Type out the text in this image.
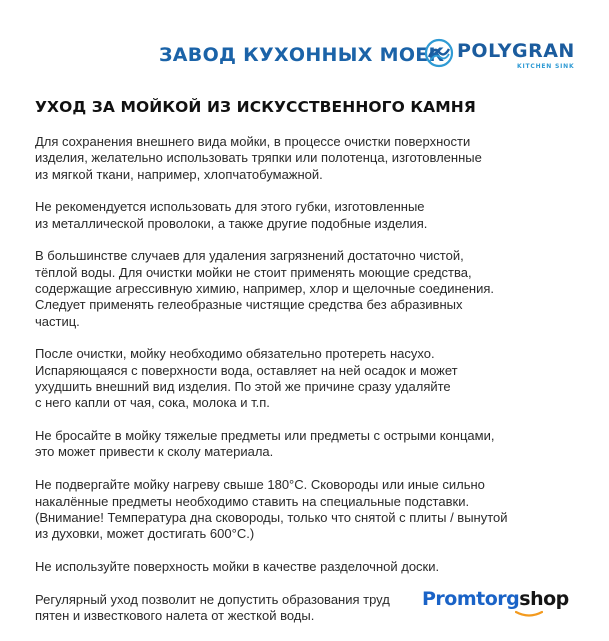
ЗАВОД КУХОННЫХ МОЕК POLYGRAN
KITCHEN SINK
УХОД ЗА МОЙКОЙ ИЗ ИСКУССТВЕННОГО КАМНЯ

Для сохранения внешнего вида мойки, в процессе очистки поверхности
изделия, желательно использовать тряпки или полотенца, изготовленные
из мягкой ткани, например, хлопчатобумажной.

Не рекомендуется использовать для этого губки, изготовленные
из металлической проволоки, а также другие подобные изделия.

В большинстве случаев для удаления загрязнений достаточно чистой,
тёплой воды. Для очистки мойки не стоит применять моющие средства,
содержащие агрессивную химию, например, хлор и щелочные соединения.
Следует применять гелеобразные чистящие средства без абразивных
частиц.

После очистки, мойку необходимо обязательно протереть насухо.
Испаряющаяся с поверхности вода, оставляет на ней осадок и может
ухудшить внешний вид изделия. По этой же причине сразу удаляйте
с него капли от чая, сока, молока и т.п.

Не бросайте в мойку тяжелые предметы или предметы с острыми концами,
это может привести к сколу материала.

Не подвергайте мойку нагреву свыше 180°С. Сковороды или иные сильно
накалённые предметы необходимо ставить на специальные подставки.
(Внимание! Температура дна сковороды, только что снятой с плиты / вынутой
из духовки, может достигать 600°С.)

Не используйте поверхность мойки в качестве разделочной доски.

Регулярный уход позволит не допустить образования труд
пятен и известкового налета от жесткой воды.

Promtorgshop
